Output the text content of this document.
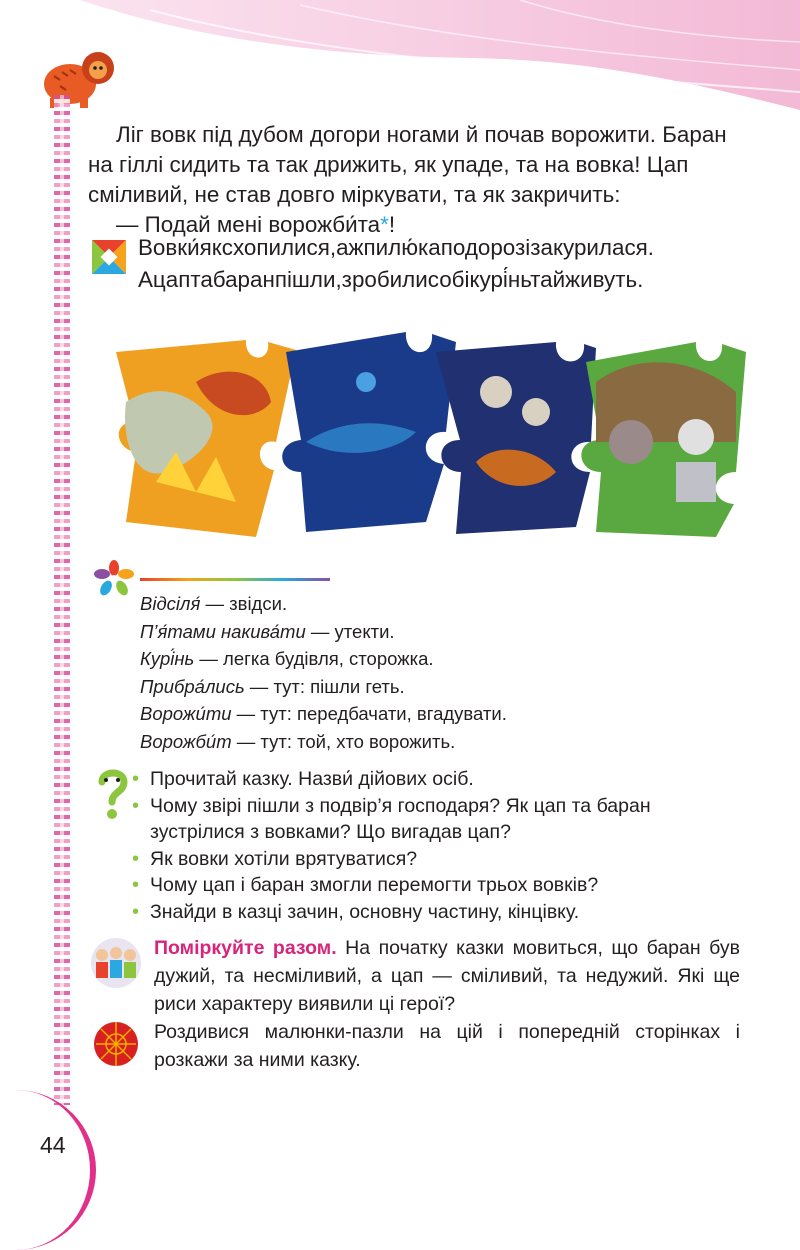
Ліг вовк під дубом догори ногами й почав ворожити. Баран на гіллі сидить та так дрижить, як упаде, та на вовка! Цап сміливий, не став довго міркувати, та як закричить:

— Подай мені ворожби́та*!

Вовки́яксхопилися,ажпилю́каподорозізакурилася.
Ацаптабаранпішли,зробилисобікурі́ньтайживуть.
Відсіля́ — звідси.
П’я́тами накива́ти — утекти.
Курі́нь — легка будівля, сторожка.
Прибра́лись — тут: пішли геть.
Ворожи́ти — тут: передбачати, вгадувати.
Ворожби́т — тут: той, хто ворожить.
• Прочитай казку. Назви́ дійових осіб.
• Чому звірі пішли з подвір’я господаря? Як цап та баран зустрілися з вовками? Що вигадав цап?
• Як вовки хотіли врятуватися?
• Чому цап і баран змогли перемогти трьох вовків?
• Знайди в казці зачин, основну частину, кінцівку.
Поміркуйте разом. На початку казки мовиться, що баран був дужий, та несміливий, а цап — сміливий, та недужий. Які ще риси характеру виявили ці герої?
Роздивися малюнки-пазли на цій і попередній сторінках і розкажи за ними казку.
44
